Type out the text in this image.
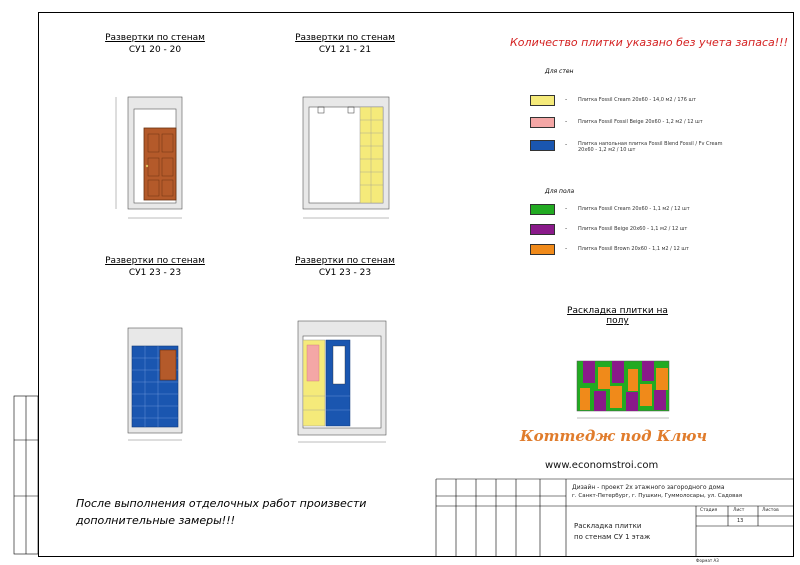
Развертки по стенам
СУ1 20 - 20
Развертки по стенам
СУ1 21 - 21
Развертки по стенам
СУ1 23 - 23
Развертки по стенам
СУ1 23 - 23
Количество плитки указано без учета запаса!!!
Для стен
- Плитка Fossil Cream 20x60 - 14,0 м2 / 176 шт
- Плитка Fossil Fossil Beige 20x60 - 1,2 м2 / 12 шт
- Плитка напольная плитка Fossil Blend Fossil / Fv Cream 20x60 - 1,2 м2 / 10 шт
Для пола
- Плитка Fossil Cream 20x60 - 1,1 м2 / 12 шт
- Плитка Fossil Beige 20x60 - 1,1 м2 / 12 шт
- Плитка Fossil Brown 20x60 - 1,1 м2 / 12 шт
Раскладка плитки на полу
После выполнения отделочных работ произвести
дополнительные замеры!!!
Коттедж под Ключ
www.economstroi.com
Дизайн - проект 2х этажного загородного дома
г. Санкт-Петербург, г. Пушкин, Гуммолосары, ул. Садовая
Раскладка плитки
по стенам СУ 1 этаж
Стадия	Лист	Листов
13
Формат А3
